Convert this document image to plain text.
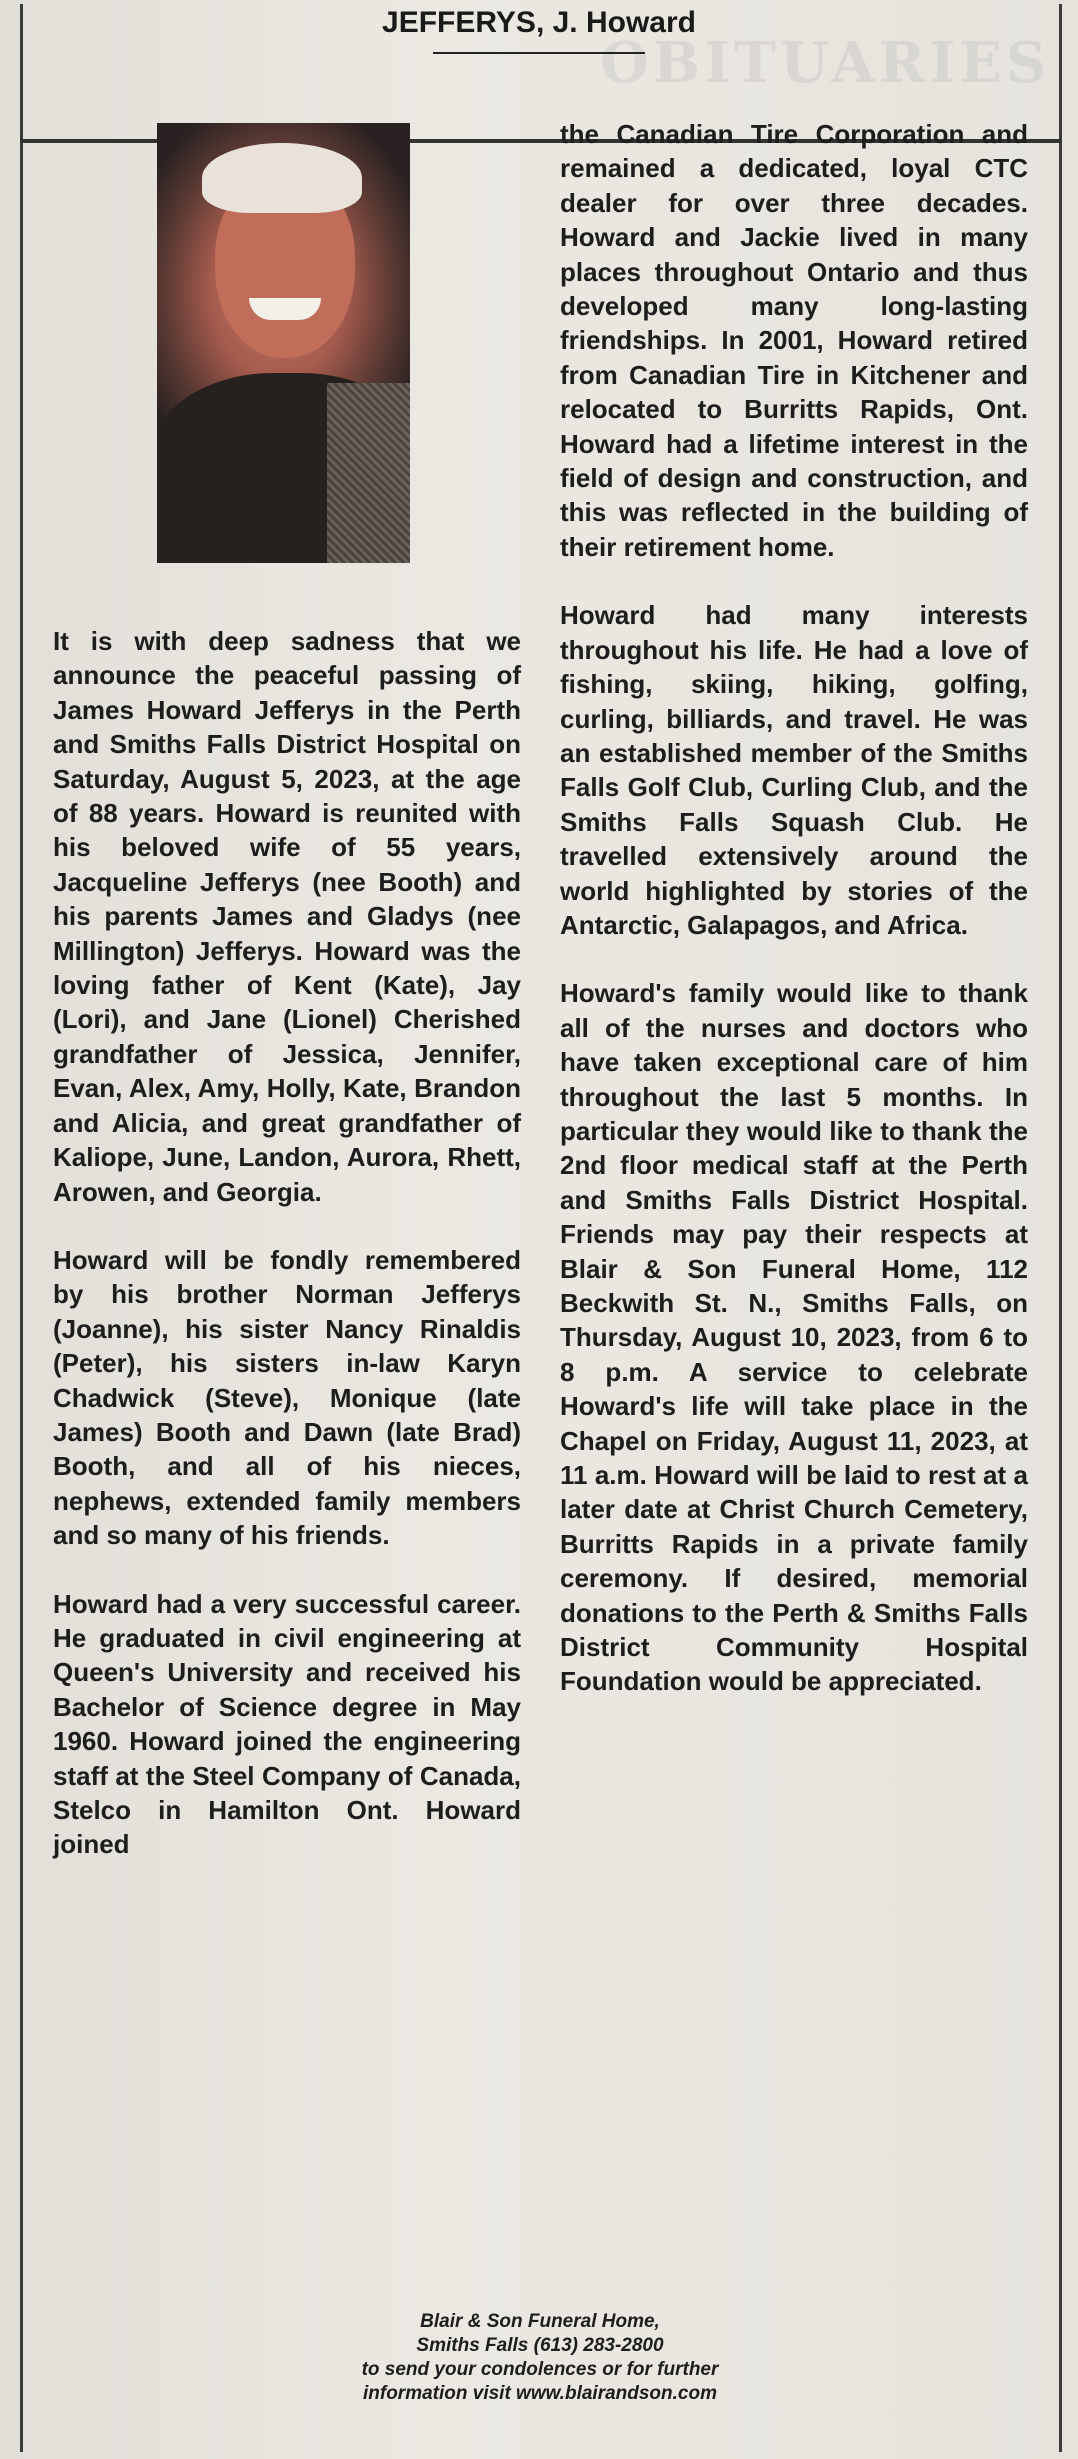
OBITUARIES
JEFFERYS, J. Howard

It is with deep sadness that we announce the peaceful passing of James Howard Jefferys in the Perth and Smiths Falls District Hospital on Saturday, August 5, 2023, at the age of 88 years. Howard is reunited with his beloved wife of 55 years, Jacqueline Jefferys (nee Booth) and his parents James and Gladys (nee Millington) Jefferys. Howard was the loving father of Kent (Kate), Jay (Lori), and Jane (Lionel) Cherished grandfather of Jessica, Jennifer, Evan, Alex, Amy, Holly, Kate, Brandon and Alicia, and great grandfather of Kaliope, June, Landon, Aurora, Rhett, Arowen, and Georgia.

Howard will be fondly remembered by his brother Norman Jefferys (Joanne), his sister Nancy Rinaldis (Peter), his sisters in-law Karyn Chadwick (Steve), Monique (late James) Booth and Dawn (late Brad) Booth, and all of his nieces, nephews, extended family members and so many of his friends.

Howard had a very successful career. He graduated in civil engineering at Queen's University and received his Bachelor of Science degree in May 1960. Howard joined the engineering staff at the Steel Company of Canada, Stelco in Hamilton Ont. Howard joined

the Canadian Tire Corporation and remained a dedicated, loyal CTC dealer for over three decades. Howard and Jackie lived in many places throughout Ontario and thus developed many long-lasting friendships. In 2001, Howard retired from Canadian Tire in Kitchener and relocated to Burritts Rapids, Ont. Howard had a lifetime interest in the field of design and construction, and this was reflected in the building of their retirement home.

Howard had many interests throughout his life. He had a love of fishing, skiing, hiking, golfing, curling, billiards, and travel. He was an established member of the Smiths Falls Golf Club, Curling Club, and the Smiths Falls Squash Club. He travelled extensively around the world highlighted by stories of the Antarctic, Galapagos, and Africa.

Howard's family would like to thank all of the nurses and doctors who have taken exceptional care of him throughout the last 5 months. In particular they would like to thank the 2nd floor medical staff at the Perth and Smiths Falls District Hospital. Friends may pay their respects at Blair & Son Funeral Home, 112 Beckwith St. N., Smiths Falls, on Thursday, August 10, 2023, from 6 to 8 p.m. A service to celebrate Howard's life will take place in the Chapel on Friday, August 11, 2023, at 11 a.m. Howard will be laid to rest at a later date at Christ Church Cemetery, Burritts Rapids in a private family ceremony. If desired, memorial donations to the Perth & Smiths Falls District Community Hospital Foundation would be appreciated.

Blair & Son Funeral Home,
Smiths Falls (613) 283-2800
to send your condolences or for further
information visit www.blairandson.com
